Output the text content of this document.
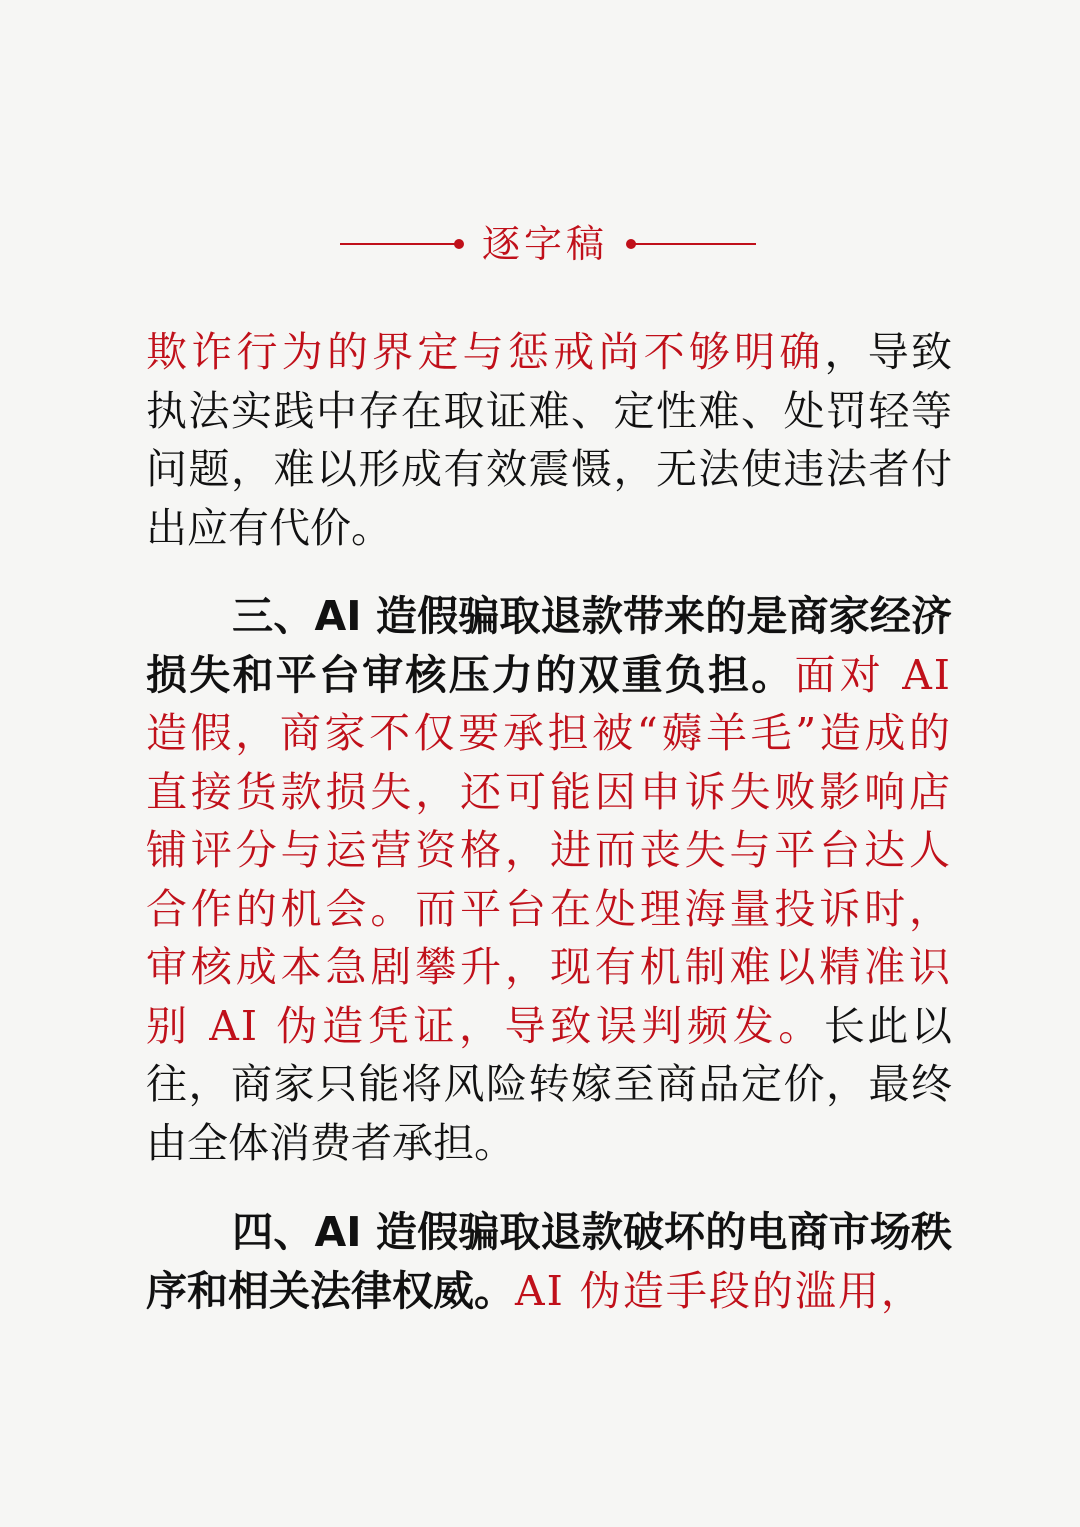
逐字稿

欺诈行为的界定与惩戒尚不够明确，导致执法实践中存在取证难、定性难、处罚轻等问题，难以形成有效震慑，无法使违法者付出应有代价。

三、AI 造假骗取退款带来的是商家经济损失和平台审核压力的双重负担。面对 AI 造假，商家不仅要承担被“薅羊毛”造成的直接货款损失，还可能因申诉失败影响店铺评分与运营资格，进而丧失与平台达人合作的机会。而平台在处理海量投诉时，审核成本急剧攀升，现有机制难以精准识别 AI 伪造凭证，导致误判频发。长此以往，商家只能将风险转嫁至商品定价，最终由全体消费者承担。

四、AI 造假骗取退款破坏的电商市场秩序和相关法律权威。AI 伪造手段的滥用，
